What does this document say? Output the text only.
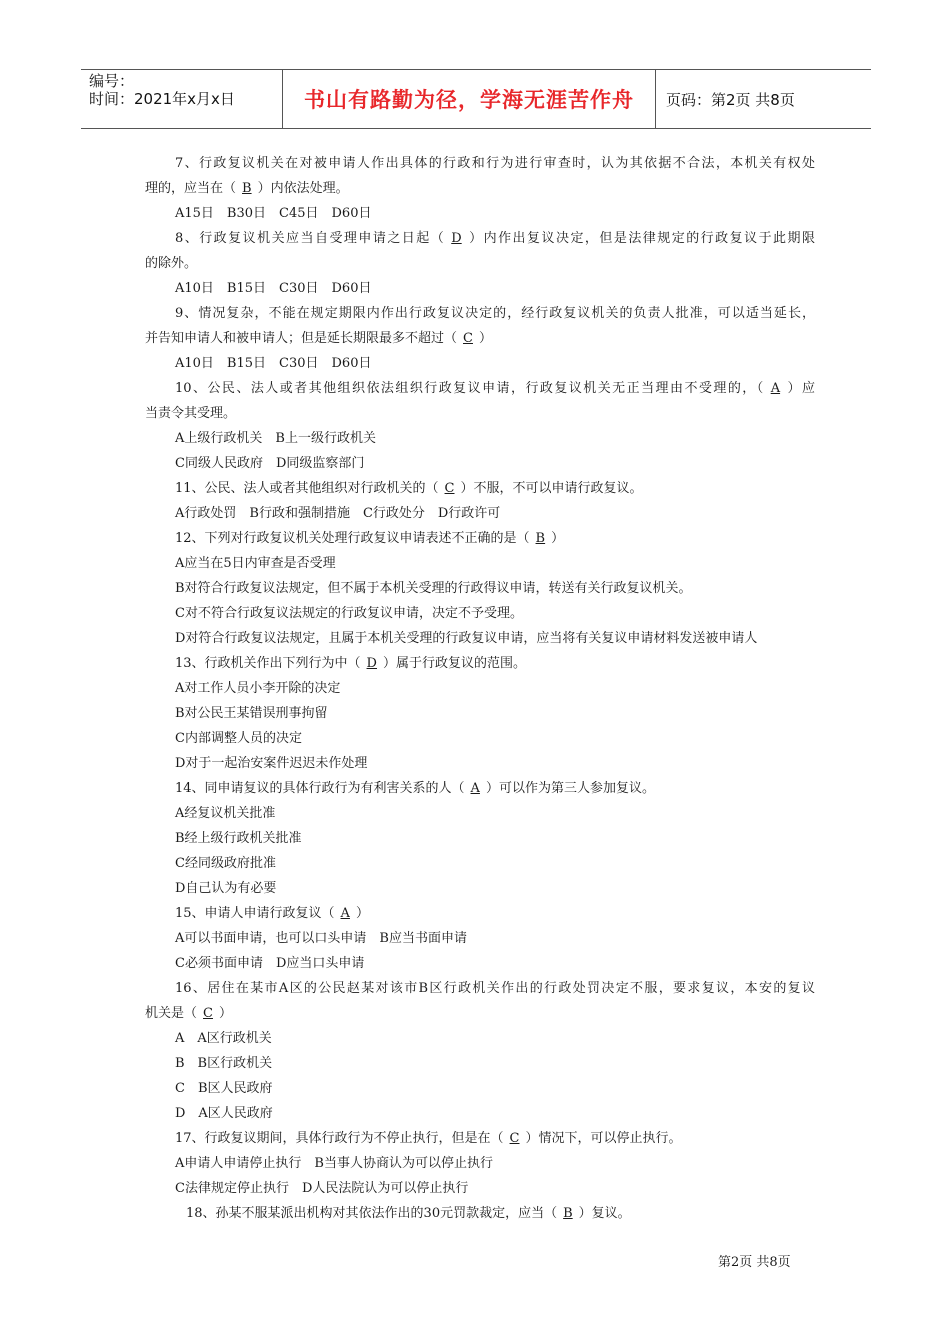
编号：
时间：2021年x月x日	书山有路勤为径，学海无涯苦作舟	页码：第2页 共8页
7、行政复议机关在对被申请人作出具体的行政和行为进行审查时，认为其依据不合法，本机关有权处
理的，应当在（ B ）内依法处理。
A15日　B30日　C45日　D60日
8、行政复议机关应当自受理申请之日起（ D ）内作出复议决定，但是法律规定的行政复议于此期限
的除外。
A10日　B15日　C30日　D60日
9、情况复杂，不能在规定期限内作出行政复议决定的，经行政复议机关的负责人批准，可以适当延长，
并告知申请人和被申请人；但是延长期限最多不超过（ C ）
A10日　B15日　C30日　D60日
10、公民、法人或者其他组织依法组织行政复议申请，行政复议机关无正当理由不受理的，（ A ）应
当责令其受理。
A上级行政机关　B上一级行政机关
C同级人民政府　D同级监察部门
11、公民、法人或者其他组织对行政机关的（ C ）不服，不可以申请行政复议。
A行政处罚　B行政和强制措施　C行政处分　D行政许可
12、下列对行政复议机关处理行政复议申请表述不正确的是（ B ）
A应当在5日内审查是否受理
B对符合行政复议法规定，但不属于本机关受理的行政得议申请，转送有关行政复议机关。
C对不符合行政复议法规定的行政复议申请，决定不予受理。
D对符合行政复议法规定，且属于本机关受理的行政复议申请，应当将有关复议申请材料发送被申请人
13、行政机关作出下列行为中（ D ）属于行政复议的范围。
A对工作人员小李开除的决定
B对公民王某错误刑事拘留
C内部调整人员的决定
D对于一起治安案件迟迟未作处理
14、同申请复议的具体行政行为有利害关系的人（ A ）可以作为第三人参加复议。
A经复议机关批准
B经上级行政机关批准
C经同级政府批准
D自己认为有必要
15、申请人申请行政复议（ A ）
A可以书面申请，也可以口头申请　B应当书面申请
C必须书面申请　D应当口头申请
16、居住在某市A区的公民赵某对该市B区行政机关作出的行政处罚决定不服，要求复议，本安的复议
机关是（ C ）
A　A区行政机关
B　B区行政机关
C　B区人民政府
D　A区人民政府
17、行政复议期间，具体行政行为不停止执行，但是在（ C ）情况下，可以停止执行。
A申请人申请停止执行　B当事人协商认为可以停止执行
C法律规定停止执行　D人民法院认为可以停止执行
18、孙某不服某派出机构对其依法作出的30元罚款裁定，应当（ B ）复议。
第2页 共8页
